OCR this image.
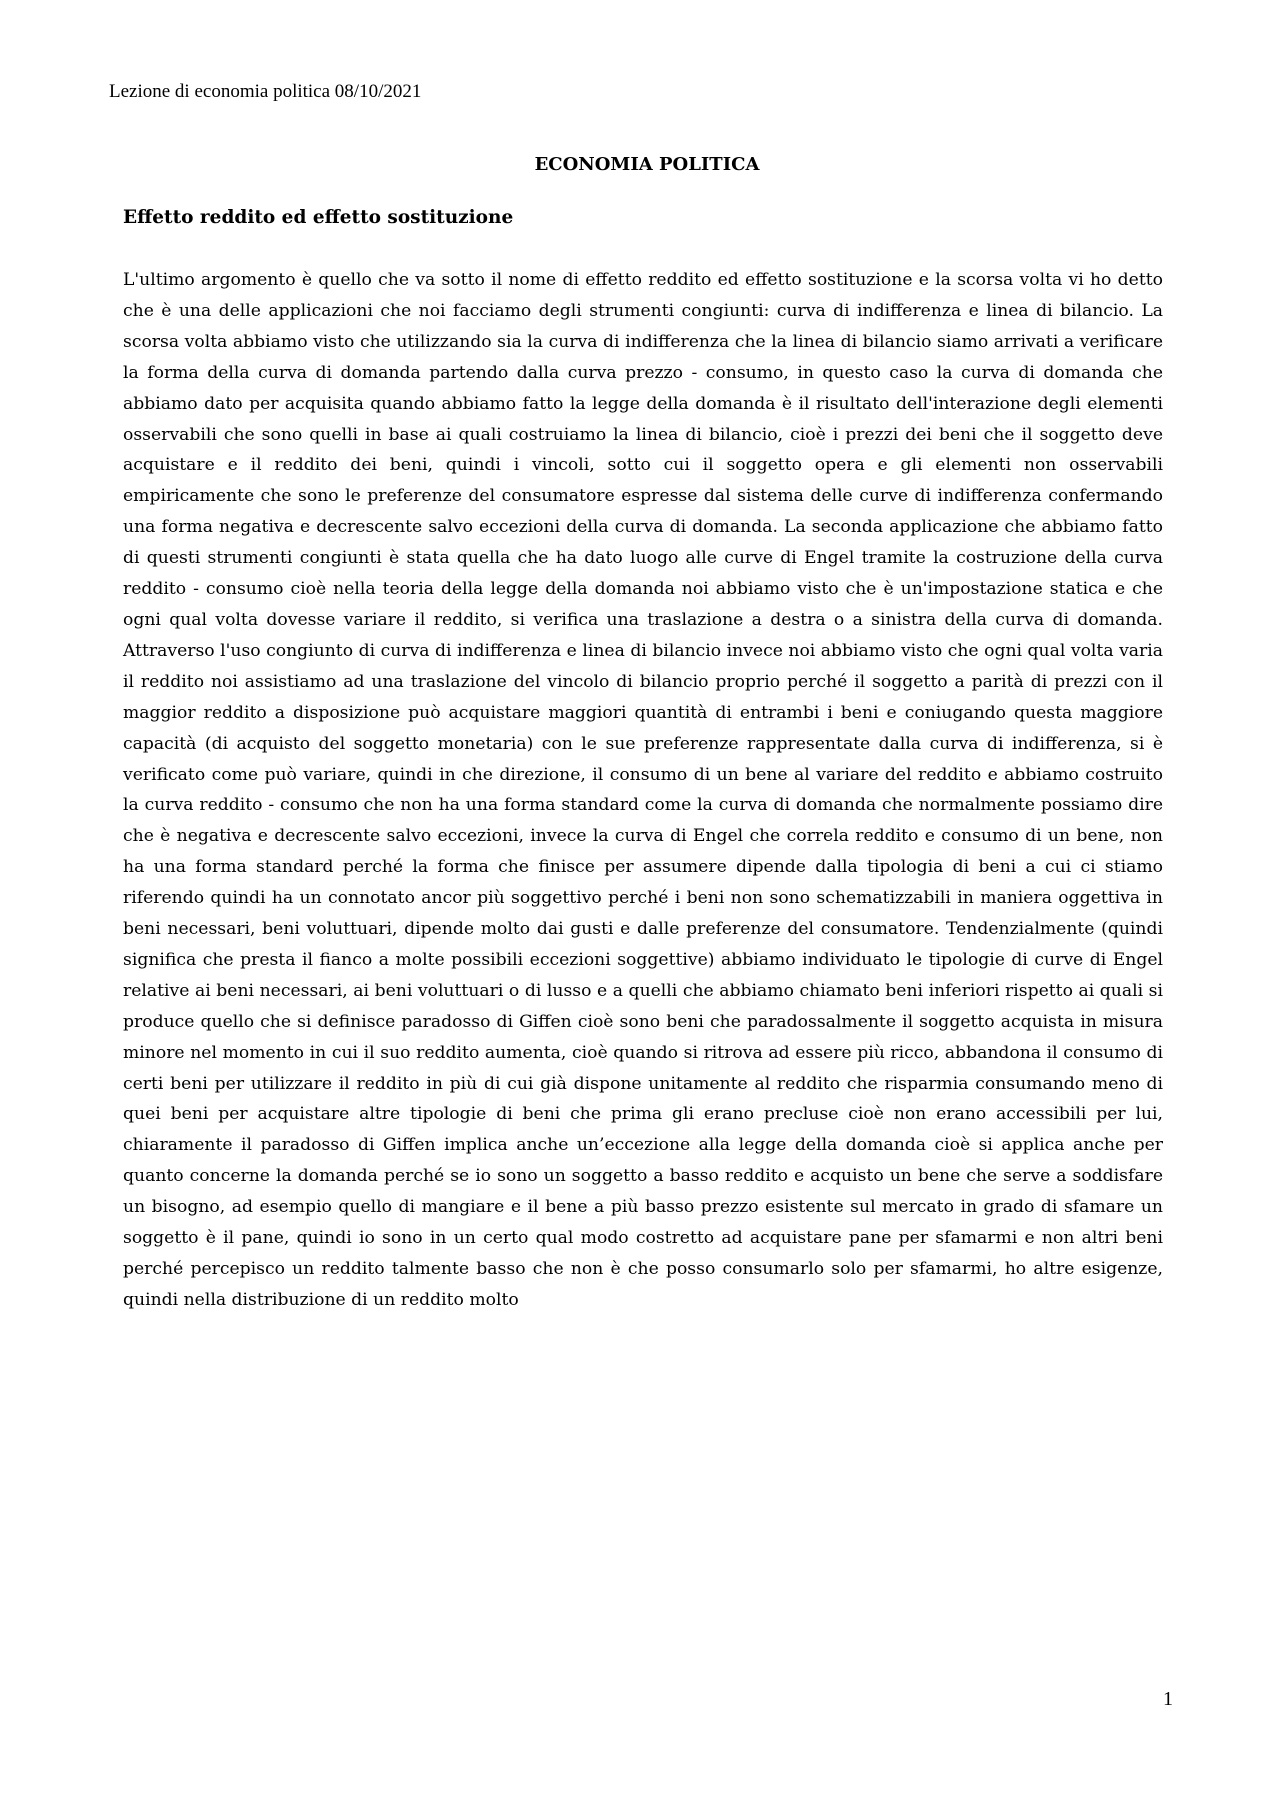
Lezione di economia politica 08/10/2021
ECONOMIA POLITICA
Effetto reddito ed effetto sostituzione

L'ultimo argomento è quello che va sotto il nome di effetto reddito ed effetto sostituzione e la scorsa volta vi ho detto che è una delle applicazioni che noi facciamo degli strumenti congiunti: curva di indifferenza e linea di bilancio. La scorsa volta abbiamo visto che utilizzando sia la curva di indifferenza che la linea di bilancio siamo arrivati a verificare la forma della curva di domanda partendo dalla curva prezzo - consumo, in questo caso la curva di domanda che abbiamo dato per acquisita quando abbiamo fatto la legge della domanda è il risultato dell'interazione degli elementi osservabili che sono quelli in base ai quali costruiamo la linea di bilancio, cioè i prezzi dei beni che il soggetto deve acquistare e il reddito dei beni, quindi i vincoli, sotto cui il soggetto opera e gli elementi non osservabili empiricamente che sono le preferenze del consumatore espresse dal sistema delle curve di indifferenza confermando una forma negativa e decrescente salvo eccezioni della curva di domanda. La seconda applicazione che abbiamo fatto di questi strumenti congiunti è stata quella che ha dato luogo alle curve di Engel tramite la costruzione della curva reddito - consumo cioè nella teoria della legge della domanda noi abbiamo visto che è un'impostazione statica e che ogni qual volta dovesse variare il reddito, si verifica una traslazione a destra o a sinistra della curva di domanda. Attraverso l'uso congiunto di curva di indifferenza e linea di bilancio invece noi abbiamo visto che ogni qual volta varia il reddito noi assistiamo ad una traslazione del vincolo di bilancio proprio perché il soggetto a parità di prezzi con il maggior reddito a disposizione può acquistare maggiori quantità di entrambi i beni e coniugando questa maggiore capacità (di acquisto del soggetto monetaria) con le sue preferenze rappresentate dalla curva di indifferenza, si è verificato come può variare, quindi in che direzione, il consumo di un bene al variare del reddito e abbiamo costruito la curva reddito - consumo che non ha una forma standard come la curva di domanda che normalmente possiamo dire che è negativa e decrescente salvo eccezioni, invece la curva di Engel che correla reddito e consumo di un bene, non ha una forma standard perché la forma che finisce per assumere dipende dalla tipologia di beni a cui ci stiamo riferendo quindi ha un connotato ancor più soggettivo perché i beni non sono schematizzabili in maniera oggettiva in beni necessari, beni voluttuari, dipende molto dai gusti e dalle preferenze del consumatore. Tendenzialmente (quindi significa che presta il fianco a molte possibili eccezioni soggettive) abbiamo individuato le tipologie di curve di Engel relative ai beni necessari, ai beni voluttuari o di lusso e a quelli che abbiamo chiamato beni inferiori rispetto ai quali si produce quello che si definisce paradosso di Giffen cioè sono beni che paradossalmente il soggetto acquista in misura minore nel momento in cui il suo reddito aumenta, cioè quando si ritrova ad essere più ricco, abbandona il consumo di certi beni per utilizzare il reddito in più di cui già dispone unitamente al reddito che risparmia consumando meno di quei beni per acquistare altre tipologie di beni che prima gli erano precluse cioè non erano accessibili per lui, chiaramente il paradosso di Giffen implica anche un’eccezione alla legge della domanda cioè si applica anche per quanto concerne la domanda perché se io sono un soggetto a basso reddito e acquisto un bene che serve a soddisfare un bisogno, ad esempio quello di mangiare e il bene a più basso prezzo esistente sul mercato in grado di sfamare un soggetto è il pane, quindi io sono in un certo qual modo costretto ad acquistare pane per sfamarmi e non altri beni perché percepisco un reddito talmente basso che non è che posso consumarlo solo per sfamarmi, ho altre esigenze, quindi nella distribuzione di un reddito molto

1
